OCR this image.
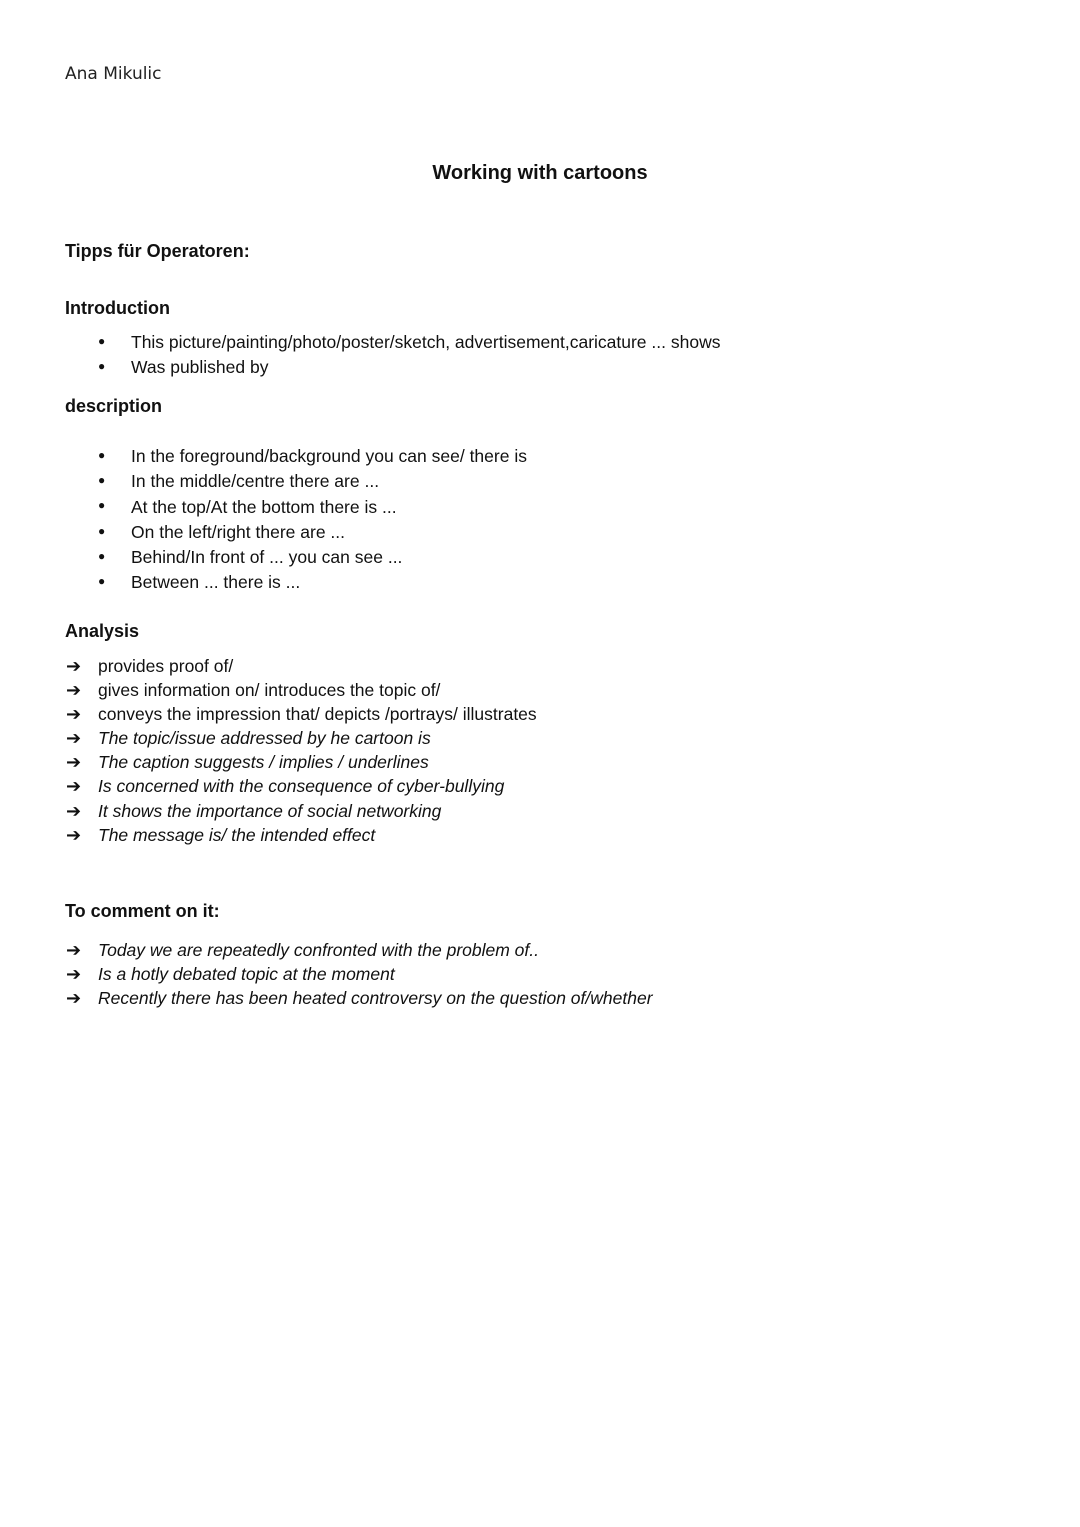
Ana Mikulic
Working with cartoons
Tipps für Operatoren:
Introduction
● This picture/painting/photo/poster/sketch, advertisement,caricature ... shows
● Was published by
description
● In the foreground/background you can see/ there is
● In the middle/centre there are ...
● At the top/At the bottom there is ...
● On the left/right there are ...
● Behind/In front of ... you can see ...
● Between ... there is ...
Analysis
➔ provides proof of/
➔ gives information on/ introduces the topic of/
➔ conveys the impression that/ depicts /portrays/ illustrates
➔ The topic/issue addressed by he cartoon is
➔ The caption suggests / implies / underlines
➔ Is concerned with the consequence of cyber-bullying
➔ It shows the importance of social networking
➔ The message is/ the intended effect
To comment on it:
➔ Today we are repeatedly confronted with the problem of..
➔ Is a hotly debated topic at the moment
➔ Recently there has been heated controversy on the question of/whether
